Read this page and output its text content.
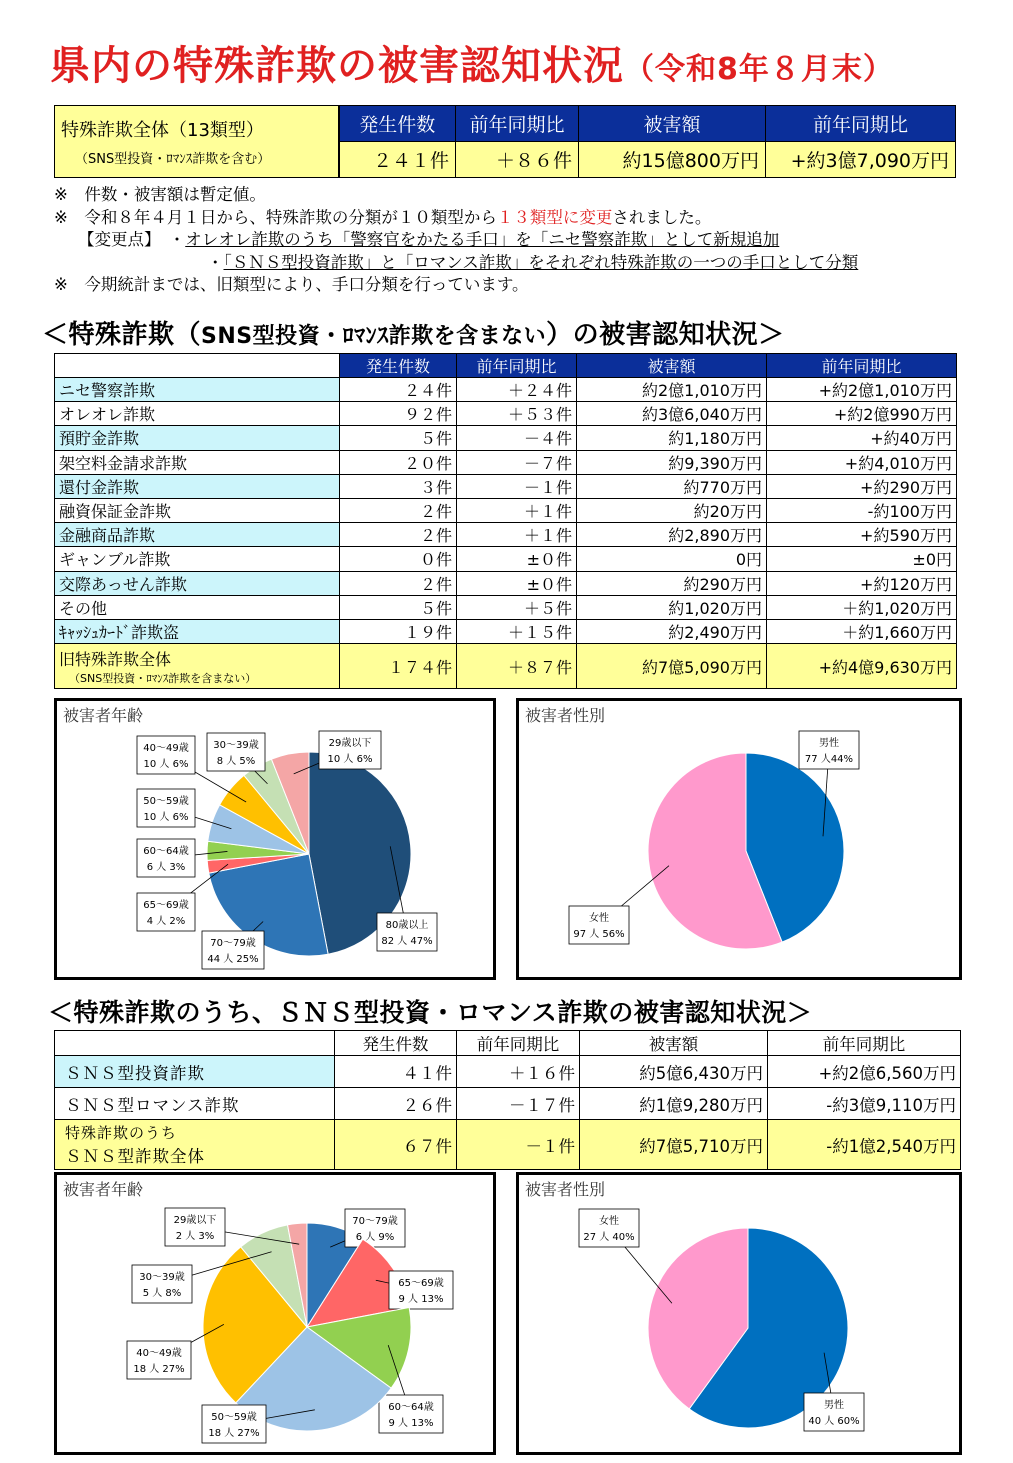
県内の特殊詐欺の被害認知状況（令和8年８月末）
特殊詐欺全体（13類型）
（SNS型投資・ﾛﾏﾝｽ詐欺を含む）	発生件数	前年同期比	被害額	前年同期比
	２４１件	＋８６件	約15億800万円	+約3億7,090万円
※　件数・被害額は暫定値。
※　令和８年４月１日から、特殊詐欺の分類が１０類型から１３類型に変更されました。
【変更点】　・オレオレ詐欺のうち「警察官をかたる手口」を「ニセ警察詐欺」として新規追加
・「ＳＮＳ型投資詐欺」と「ロマンス詐欺」をそれぞれ特殊詐欺の一つの手口として分類
※　今期統計までは、旧類型により、手口分類を行っています。
＜特殊詐欺（SNS型投資・ﾛﾏﾝｽ詐欺を含まない）の被害認知状況＞
	発生件数	前年同期比	被害額	前年同期比
ニセ警察詐欺	２４件	＋２４件	約2億1,010万円	+約2億1,010万円
オレオレ詐欺	９２件	＋５３件	約3億6,040万円	+約2億990万円
預貯金詐欺	５件	－４件	約1,180万円	+約40万円
架空料金請求詐欺	２０件	－７件	約9,390万円	+約4,010万円
還付金詐欺	３件	－１件	約770万円	+約290万円
融資保証金詐欺	２件	＋１件	約20万円	-約100万円
金融商品詐欺	２件	＋１件	約2,890万円	+約590万円
ギャンブル詐欺	０件	±０件	0円	±0円
交際あっせん詐欺	２件	±０件	約290万円	+約120万円
その他	５件	＋５件	約1,020万円	＋約1,020万円
ｷｬｯｼｭｶｰﾄﾞ詐欺盗	１９件	＋１５件	約2,490万円	＋約1,660万円
旧特殊詐欺全体
（SNS型投資・ﾛﾏﾝｽ詐欺を含まない）	１７４件	＋８７件	約7億5,090万円	+約4億9,630万円
被害者年齢
80歳以上
82 人 47%
70～79歳
44 人 25%
65～69歳
4 人 2%
60～64歳
6 人 3%
50～59歳
10 人 6%
40～49歳
10 人 6%
30～39歳
8 人 5%
29歳以下
10 人 6%
被害者性別
男性
77 人44%
女性
97 人 56%
＜特殊詐欺のうち、ＳＮＳ型投資・ロマンス詐欺の被害認知状況＞
	発生件数	前年同期比	被害額	前年同期比
ＳＮＳ型投資詐欺	４１件	＋１６件	約5億6,430万円	+約2億6,560万円
ＳＮＳ型ロマンス詐欺	２６件	－１７件	約1億9,280万円	-約3億9,110万円

特殊詐欺のうち
ＳＮＳ型詐欺全体	６７件	－１件	約7億5,710万円	-約1億2,540万円
被害者年齢
70～79歳
6 人 9%
65～69歳
9 人 13%
60～64歳
9 人 13%
50～59歳
18 人 27%
40～49歳
18 人 27%
30～39歳
5 人 8%
29歳以下
2 人 3%
被害者性別
男性
40 人 60%
女性
27 人 40%
